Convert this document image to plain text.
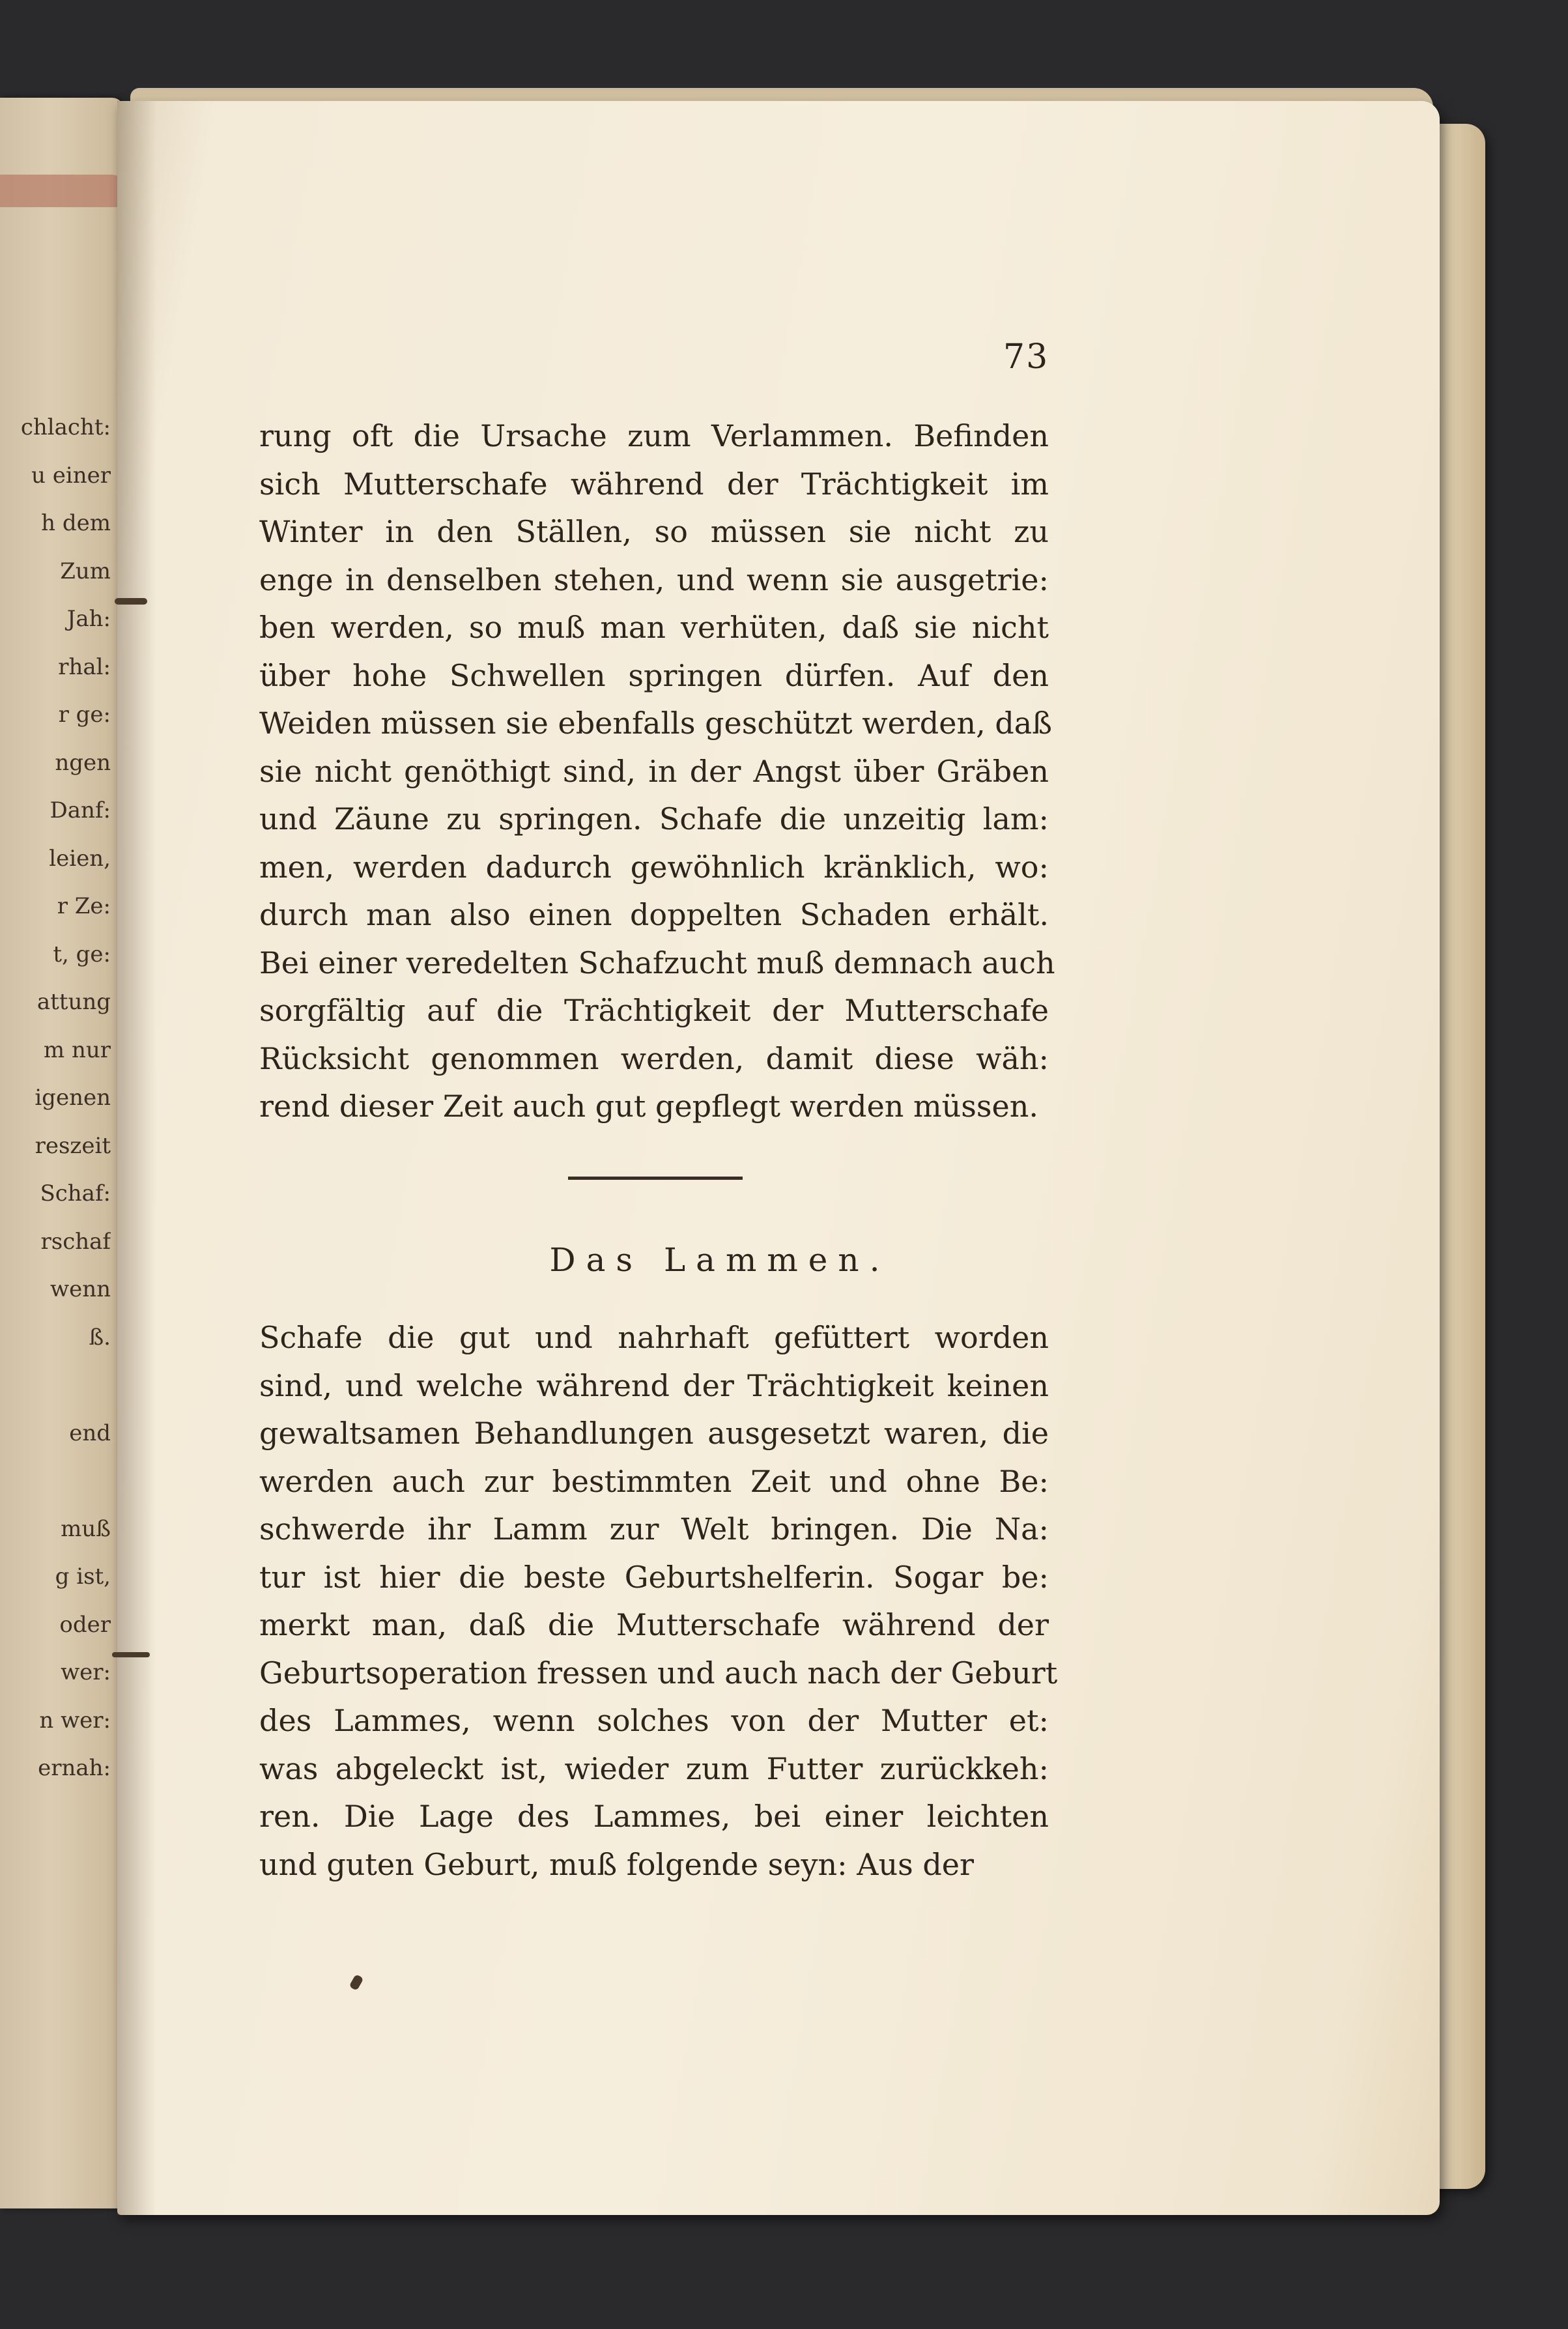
chlacht:
u einer
h dem
Zum
Jah:
rhal:
r ge:
ngen
Danf:
leien,
r Ze:
t, ge:
attung
m nur
igenen
reszeit
Schaf:
rschaf
wenn
ß.
end
muß
g ist,
oder
wer:
n wer:
ernah:
73
rung oft die Ursache zum Verlammen. Befinden
sich Mutterschafe während der Trächtigkeit im
Winter in den Ställen, so müssen sie nicht zu
enge in denselben stehen, und wenn sie ausgetrie:
ben werden, so muß man verhüten, daß sie nicht
über hohe Schwellen springen dürfen. Auf den
Weiden müssen sie ebenfalls geschützt werden, daß
sie nicht genöthigt sind, in der Angst über Gräben
und Zäune zu springen. Schafe die unzeitig lam:
men, werden dadurch gewöhnlich kränklich, wo:
durch man also einen doppelten Schaden erhält.
Bei einer veredelten Schafzucht muß demnach auch
sorgfältig auf die Trächtigkeit der Mutterschafe
Rücksicht genommen werden, damit diese wäh:
rend dieser Zeit auch gut gepflegt werden müssen.
Das Lammen.
Schafe die gut und nahrhaft gefüttert worden
sind, und welche während der Trächtigkeit keinen
gewaltsamen Behandlungen ausgesetzt waren, die
werden auch zur bestimmten Zeit und ohne Be:
schwerde ihr Lamm zur Welt bringen. Die Na:
tur ist hier die beste Geburtshelferin. Sogar be:
merkt man, daß die Mutterschafe während der
Geburtsoperation fressen und auch nach der Geburt
des Lammes, wenn solches von der Mutter et:
was abgeleckt ist, wieder zum Futter zurückkeh:
ren. Die Lage des Lammes, bei einer leichten
und guten Geburt, muß folgende seyn: Aus der
